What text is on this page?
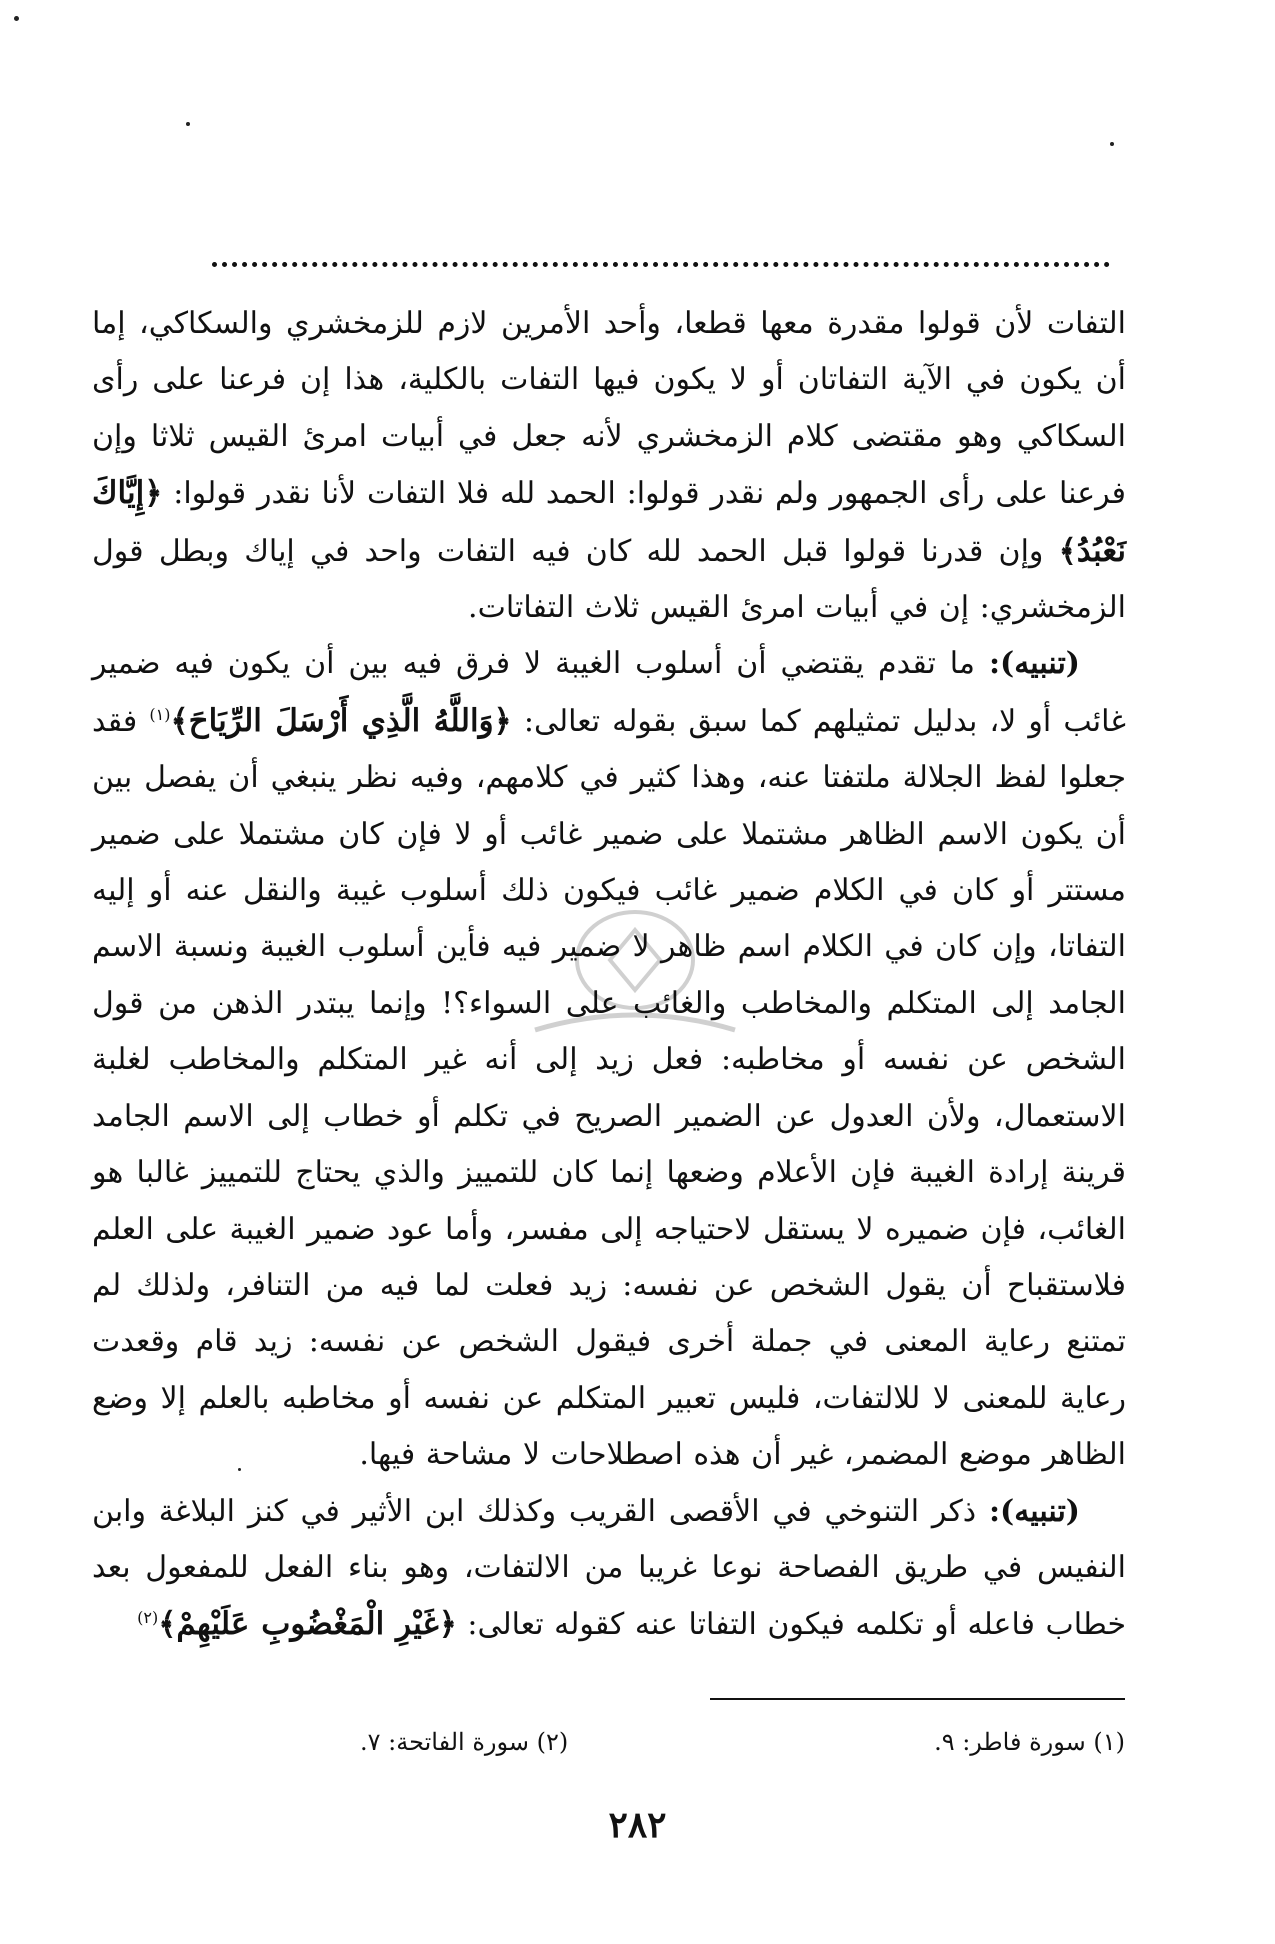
التفات لأن قولوا مقدرة معها قطعا، وأحد الأمرين لازم للزمخشري والسكاكي، إما أن يكون في الآية التفاتان أو لا يكون فيها التفات بالكلية، هذا إن فرعنا على رأى السكاكي وهو مقتضى كلام الزمخشري لأنه جعل في أبيات امرئ القيس ثلاثا وإن فرعنا على رأى الجمهور ولم نقدر قولوا: الحمد لله فلا التفات لأنا نقدر قولوا: ﴿إِيَّاكَ نَعْبُدُ﴾ وإن قدرنا قولوا قبل الحمد لله كان فيه التفات واحد في إياك وبطل قول الزمخشري: إن في أبيات امرئ القيس ثلاث التفاتات.

(تنبيه): ما تقدم يقتضي أن أسلوب الغيبة لا فرق فيه بين أن يكون فيه ضمير غائب أو لا، بدليل تمثيلهم كما سبق بقوله تعالى: ﴿وَاللَّهُ الَّذِي أَرْسَلَ الرِّيَاحَ﴾$^{(١)}$ فقد جعلوا لفظ الجلالة ملتفتا عنه، وهذا كثير في كلامهم، وفيه نظر ينبغي أن يفصل بين أن يكون الاسم الظاهر مشتملا على ضمير غائب أو لا فإن كان مشتملا على ضمير مستتر أو كان في الكلام ضمير غائب فيكون ذلك أسلوب غيبة والنقل عنه أو إليه التفاتا، وإن كان في الكلام اسم ظاهر لا ضمير فيه فأين أسلوب الغيبة ونسبة الاسم الجامد إلى المتكلم والمخاطب والغائب على السواء؟! وإنما يبتدر الذهن من قول الشخص عن نفسه أو مخاطبه: فعل زيد إلى أنه غير المتكلم والمخاطب لغلبة الاستعمال، ولأن العدول عن الضمير الصريح في تكلم أو خطاب إلى الاسم الجامد قرينة إرادة الغيبة فإن الأعلام وضعها إنما كان للتمييز والذي يحتاج للتمييز غالبا هو الغائب، فإن ضميره لا يستقل لاحتياجه إلى مفسر، وأما عود ضمير الغيبة على العلم فلاستقباح أن يقول الشخص عن نفسه: زيد فعلت لما فيه من التنافر، ولذلك لم تمتنع رعاية المعنى في جملة أخرى فيقول الشخص عن نفسه: زيد قام وقعدت رعاية للمعنى لا للالتفات، فليس تعبير المتكلم عن نفسه أو مخاطبه بالعلم إلا وضع الظاهر موضع المضمر، غير أن هذه اصطلاحات لا مشاحة فيها.

(تنبيه): ذكر التنوخي في الأقصى القريب وكذلك ابن الأثير في كنز البلاغة وابن النفيس في طريق الفصاحة نوعا غريبا من الالتفات، وهو بناء الفعل للمفعول بعد خطاب فاعله أو تكلمه فيكون التفاتا عنه كقوله تعالى: ﴿غَيْرِ الْمَغْضُوبِ عَلَيْهِمْ﴾$^{(٢)}$

(١) سورة فاطر: ٩.
(٢) سورة الفاتحة: ٧.
٢٨٢
